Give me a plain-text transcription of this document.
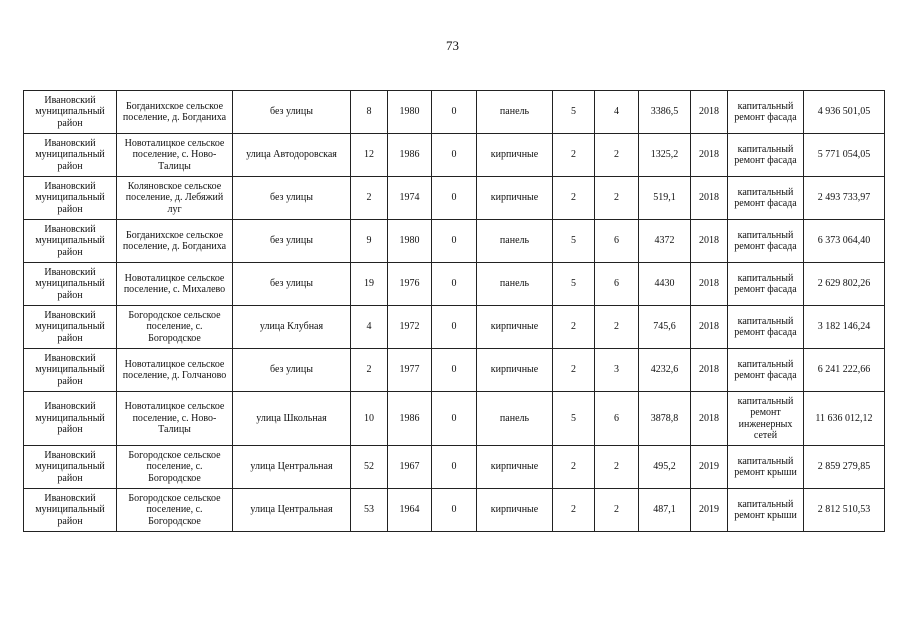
73
Ивановский муниципальный район	Богданихское сельское поселение, д. Богданиха	без улицы	8	1980	0	панель	5	4	3386,5	2018	капитальный ремонт фасада	4 936 501,05
Ивановский муниципальный район	Новоталицкое сельское поселение, с. Ново-Талицы	улица Автодоровская	12	1986	0	кирпичные	2	2	1325,2	2018	капитальный ремонт фасада	5 771 054,05
Ивановский муниципальный район	Коляновское сельское поселение, д. Лебяжий луг	без улицы	2	1974	0	кирпичные	2	2	519,1	2018	капитальный ремонт фасада	2 493 733,97
Ивановский муниципальный район	Богданихское сельское поселение, д. Богданиха	без улицы	9	1980	0	панель	5	6	4372	2018	капитальный ремонт фасада	6 373 064,40
Ивановский муниципальный район	Новоталицкое сельское поселение, с. Михалево	без улицы	19	1976	0	панель	5	6	4430	2018	капитальный ремонт фасада	2 629 802,26
Ивановский муниципальный район	Богородское сельское поселение, с. Богородское	улица Клубная	4	1972	0	кирпичные	2	2	745,6	2018	капитальный ремонт фасада	3 182 146,24
Ивановский муниципальный район	Новоталицкое сельское поселение, д. Голчаново	без улицы	2	1977	0	кирпичные	2	3	4232,6	2018	капитальный ремонт фасада	6 241 222,66
Ивановский муниципальный район	Новоталицкое сельское поселение, с. Ново-Талицы	улица Школьная	10	1986	0	панель	5	6	3878,8	2018	капитальный ремонт инженерных сетей	11 636 012,12
Ивановский муниципальный район	Богородское сельское поселение, с. Богородское	улица Центральная	52	1967	0	кирпичные	2	2	495,2	2019	капитальный ремонт крыши	2 859 279,85
Ивановский муниципальный район	Богородское сельское поселение, с. Богородское	улица Центральная	53	1964	0	кирпичные	2	2	487,1	2019	капитальный ремонт крыши	2 812 510,53
